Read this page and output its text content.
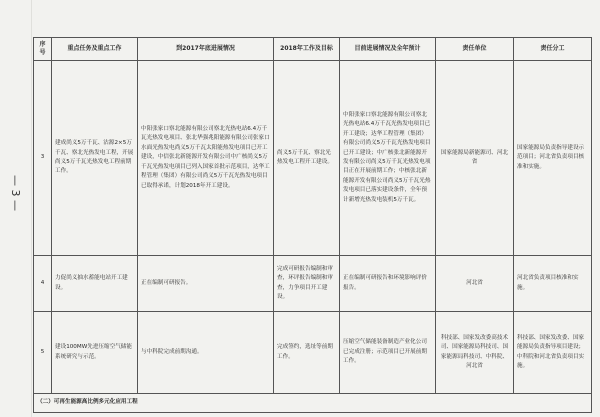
— 3 —
序号	重点任务及重点工作	到2017年底进展情况	2018年工作及目标	目前进展情况及全年预计	责任单位	责任分工
3	建成尚义5万千瓦、沽源2×5万千瓦、察北光热发电工程，开展尚义5万千瓦光热发电工程前期工作。	中阳张家口察北能源有限公司察北光热电站6.4万千瓦光热发电项目、张北华强兆阳能源有限公司张家口水面光热发电尚义5万千瓦太阳能热发电项目已开工建设，中信张北新能源开发有限公司中广核尚义5万千瓦光热发电项目已列入国家首批示范项目，达华工程管理（集团）有限公司尚义5万千瓦光热发电项目已取得承诺，计划2018年开工建设。	尚义5万千瓦、察北光热发电工程开工建设。	中阳张家口察北能源有限公司察北光热电站6.4万千瓦光热发电项目已开工建设；达华工程管理（集团）有限公司尚义5万千瓦光热发电项目已开工建设；中广核张北新能源开发有限公司尚义5万千瓦光热发电项目正在开展前期工作；中核张北新能源开发有限公司尚义5万千瓦光热发电项目已落实建设条件，全年预计新增光热发电装机5万千瓦。	国家能源局新能源司、河北省	国家能源局负责指导建设示范项目；河北省负责项目核准和实施。
4	力促尚义抽水蓄能电站开工建设。	正在编制可研报告。	完成可研报告编制和审查，环评报告编制和审查，力争项目开工建设。	正在编制可研报告和环境影响评价报告。	河北省	河北省负责项目核准和实施。
5	建设100MW先进压缩空气储能系统研究与示范。	与中科院完成前期沟通。	完成签约，选址等前期工作。	压缩空气储能装备制造产业化公司已完成注册；示范项目已开展前期工作。	科技部、国家发改委高技术司、国家能源局科技司、国家能源局科技司、中科院、河北省	科技部、国家发改委、国家能源局负责指导项目建设；中科院和河北省负责项目实施。
（二）可再生能源高比例多元化应用工程						
